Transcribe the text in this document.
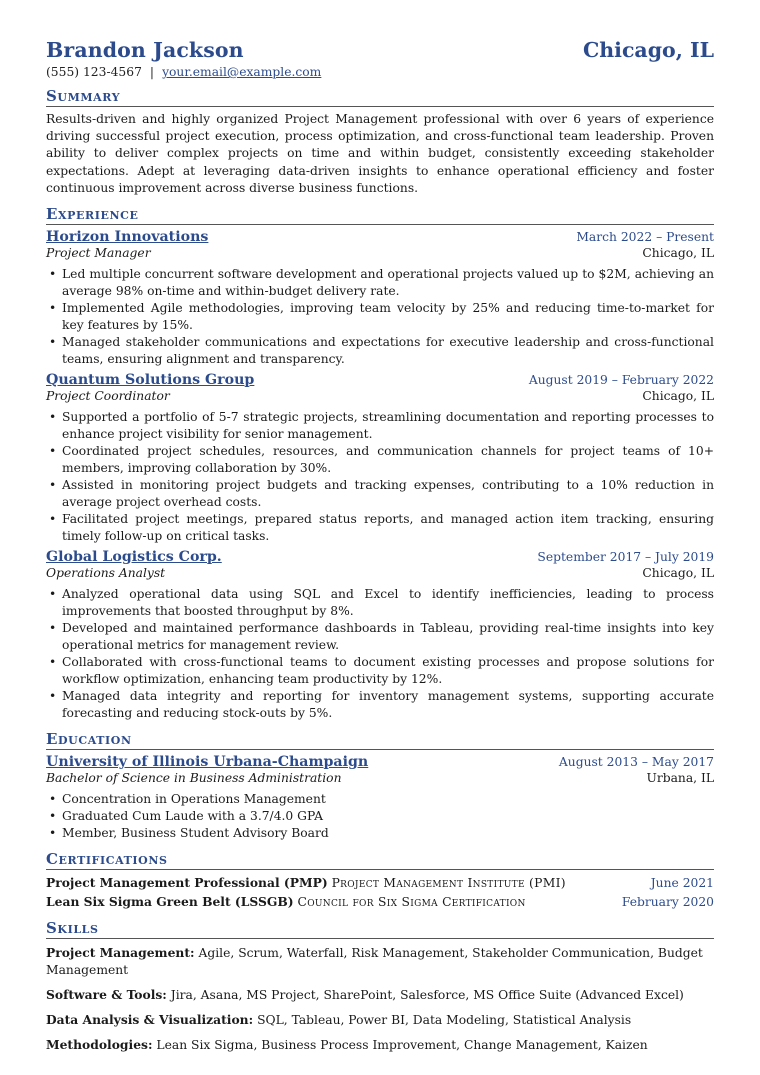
Brandon Jackson	Chicago, IL
(555) 123-4567 | your.email@example.com
Summary
Results-driven and highly organized Project Management professional with over 6 years of experience driving successful project execution, process optimization, and cross-functional team leadership. Proven ability to deliver complex projects on time and within budget, consistently exceeding stakeholder expectations. Adept at leveraging data-driven insights to enhance operational efficiency and foster continuous improvement across diverse business functions.
Experience
Horizon Innovations	March 2022 – Present
Project Manager	Chicago, IL
• Led multiple concurrent software development and operational projects valued up to $2M, achieving an average 98% on-time and within-budget delivery rate.
• Implemented Agile methodologies, improving team velocity by 25% and reducing time-to-market for key features by 15%.
• Managed stakeholder communications and expectations for executive leadership and cross-functional teams, ensuring alignment and transparency.
Quantum Solutions Group	August 2019 – February 2022
Project Coordinator	Chicago, IL
• Supported a portfolio of 5-7 strategic projects, streamlining documentation and reporting processes to enhance project visibility for senior management.
• Coordinated project schedules, resources, and communication channels for project teams of 10+ members, improving collaboration by 30%.
• Assisted in monitoring project budgets and tracking expenses, contributing to a 10% reduction in average project overhead costs.
• Facilitated project meetings, prepared status reports, and managed action item tracking, ensuring timely follow-up on critical tasks.
Global Logistics Corp.	September 2017 – July 2019
Operations Analyst	Chicago, IL
• Analyzed operational data using SQL and Excel to identify inefficiencies, leading to process improvements that boosted throughput by 8%.
• Developed and maintained performance dashboards in Tableau, providing real-time insights into key operational metrics for management review.
• Collaborated with cross-functional teams to document existing processes and propose solutions for workflow optimization, enhancing team productivity by 12%.
• Managed data integrity and reporting for inventory management systems, supporting accurate forecasting and reducing stock-outs by 5%.
Education
University of Illinois Urbana-Champaign	August 2013 – May 2017
Bachelor of Science in Business Administration	Urbana, IL
• Concentration in Operations Management
• Graduated Cum Laude with a 3.7/4.0 GPA
• Member, Business Student Advisory Board
Certifications
Project Management Professional (PMP) Project Management Institute (PMI)	June 2021
Lean Six Sigma Green Belt (LSSGB) Council for Six Sigma Certification	February 2020
Skills
Project Management: Agile, Scrum, Waterfall, Risk Management, Stakeholder Communication, Budget Management
Software & Tools: Jira, Asana, MS Project, SharePoint, Salesforce, MS Office Suite (Advanced Excel)
Data Analysis & Visualization: SQL, Tableau, Power BI, Data Modeling, Statistical Analysis
Methodologies: Lean Six Sigma, Business Process Improvement, Change Management, Kaizen
